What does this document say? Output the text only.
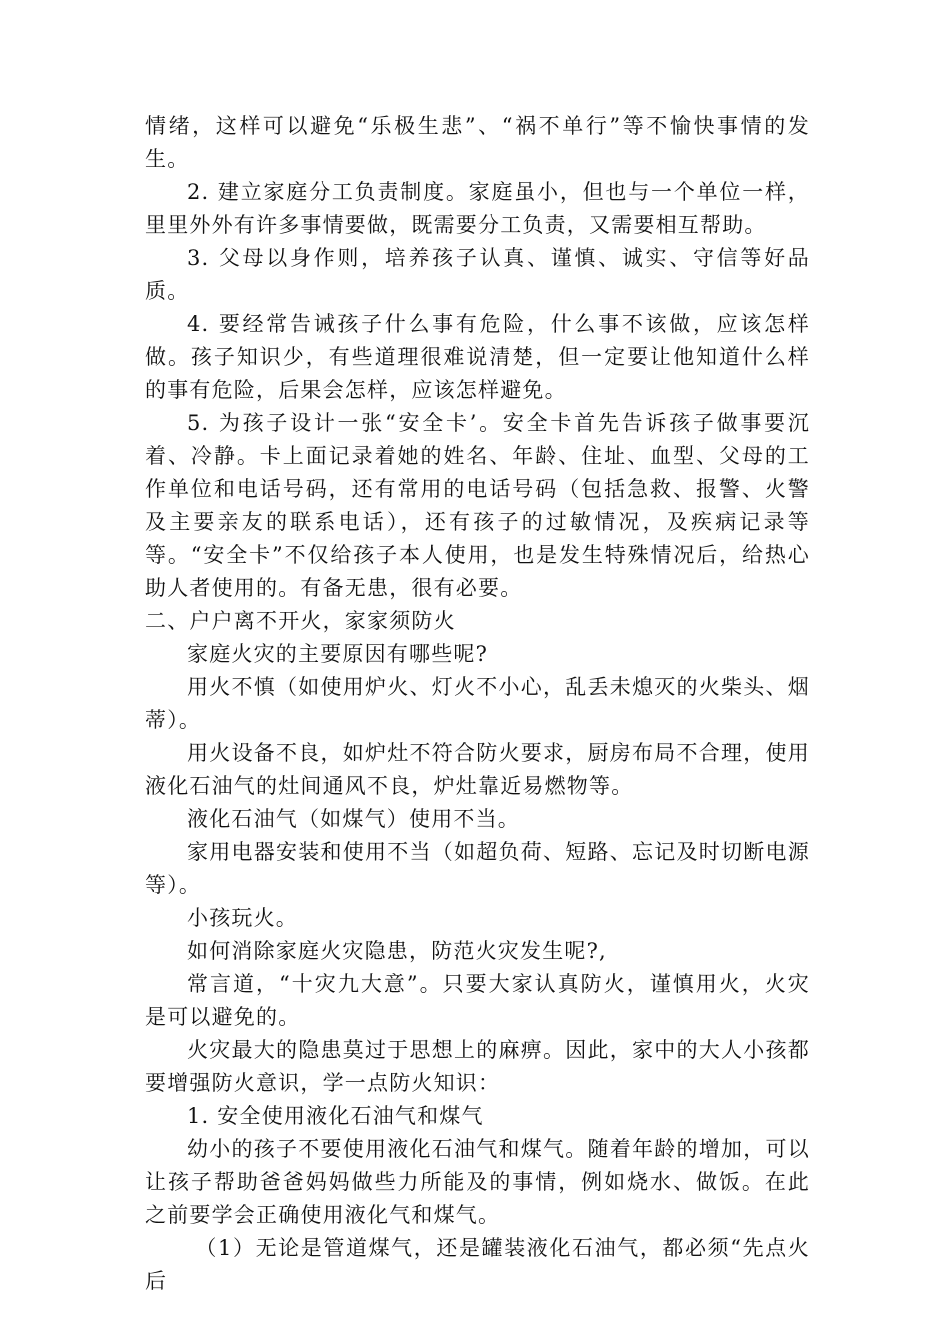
情绪，这样可以避免“乐极生悲”、“祸不单行”等不愉快事情的发生。

2. 建立家庭分工负责制度。家庭虽小，但也与一个单位一样，里里外外有许多事情要做，既需要分工负责，又需要相互帮助。

3. 父母以身作则，培养孩子认真、谨慎、诚实、守信等好品质。

4. 要经常告诫孩子什么事有危险，什么事不该做，应该怎样做。孩子知识少，有些道理很难说清楚，但一定要让他知道什么样的事有危险，后果会怎样，应该怎样避免。

5. 为孩子设计一张“安全卡’。安全卡首先告诉孩子做事要沉着、冷静。卡上面记录着她的姓名、年龄、住址、血型、父母的工作单位和电话号码，还有常用的电话号码（包括急救、报警、火警及主要亲友的联系电话），还有孩子的过敏情况，及疾病记录等等。“安全卡”不仅给孩子本人使用，也是发生特殊情况后，给热心助人者使用的。有备无患，很有必要。

二、户户离不开火，家家须防火

家庭火灾的主要原因有哪些呢?

用火不慎（如使用炉火、灯火不小心，乱丢未熄灭的火柴头、烟蒂）。

用火设备不良，如炉灶不符合防火要求，厨房布局不合理，使用液化石油气的灶间通风不良，炉灶靠近易燃物等。

液化石油气（如煤气）使用不当。

家用电器安装和使用不当（如超负荷、短路、忘记及时切断电源等）。

小孩玩火。

如何消除家庭火灾隐患，防范火灾发生呢?,

常言道，“十灾九大意”。只要大家认真防火，谨慎用火，火灾是可以避免的。

火灾最大的隐患莫过于思想上的麻痹。因此，家中的大人小孩都要增强防火意识，学一点防火知识：

1. 安全使用液化石油气和煤气

幼小的孩子不要使用液化石油气和煤气。随着年龄的增加，可以让孩子帮助爸爸妈妈做些力所能及的事情，例如烧水、做饭。在此之前要学会正确使用液化气和煤气。

（1）无论是管道煤气，还是罐装液化石油气，都必须“先点火后
